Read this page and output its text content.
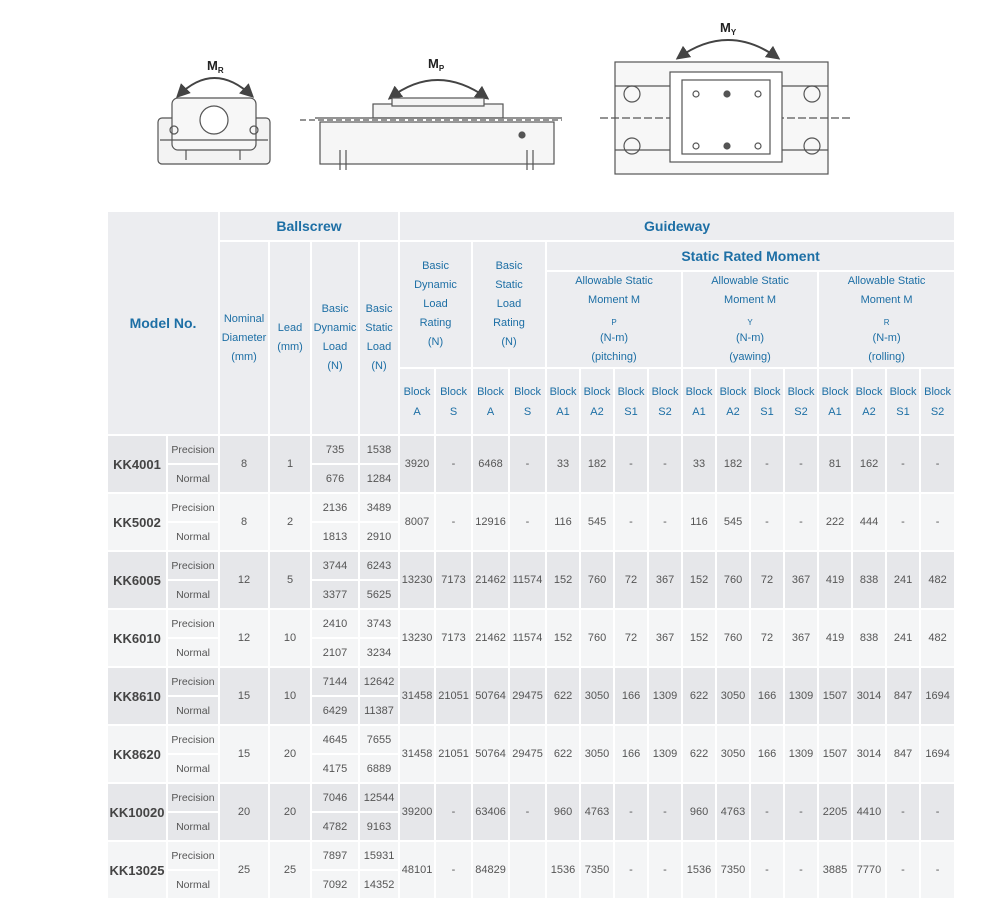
$M_R$	$M_P$
$M_Y$
Model No.		Ballscrew				Guideway															

		Nominal
Diameter
(mm)	Lead
(mm)	Basic
Dynamic
Load
(N)	Basic
Static
Load
(N)	Basic
Dynamic
Load
Rating
(N)		Basic
Static
Load
Rating
(N)		Static Rated Moment											

										Allowable Static
Moment M
$_P$
(N-m)
(pitching)				Allowable Static
Moment M
$_Y$
(N-m)
(yawing)				Allowable Static
Moment M
$_R$
(N-m)
(rolling)			

						Block
A	Block
S	Block
A	Block
S	Block
A1	Block
A2	Block
S1	Block
S2	Block
A1	Block
A2	Block
S1	Block
S2	Block
A1	Block
A2	Block
S1	Block
S2

KK4001	Precision	8	1	735	1538	3920	-	6468	-	33	182	-	-	33	182	-	-	81	162	-	-
	Normal			676	1284																
KK5002	Precision	8	2	2136	3489	8007	-	12916	-	116	545	-	-	116	545	-	-	222	444	-	-
	Normal			1813	2910																
KK6005	Precision	12	5	3744	6243	13230	7173	21462	11574	152	760	72	367	152	760	72	367	419	838	241	482
	Normal			3377	5625																
KK6010	Precision	12	10	2410	3743	13230	7173	21462	11574	152	760	72	367	152	760	72	367	419	838	241	482
	Normal			2107	3234																
KK8610	Precision	15	10	7144	12642	31458	21051	50764	29475	622	3050	166	1309	622	3050	166	1309	1507	3014	847	1694
	Normal			6429	11387																
KK8620	Precision	15	20	4645	7655	31458	21051	50764	29475	622	3050	166	1309	622	3050	166	1309	1507	3014	847	1694
	Normal			4175	6889																
KK10020	Precision	20	20	7046	12544	39200	-	63406	-	960	4763	-	-	960	4763	-	-	2205	4410	-	-
	Normal			4782	9163																
KK13025	Precision	25	25	7897	15931	48101	-	84829		1536	7350	-	-	1536	7350	-	-	3885	7770	-	-
	Normal			7092	14352																
